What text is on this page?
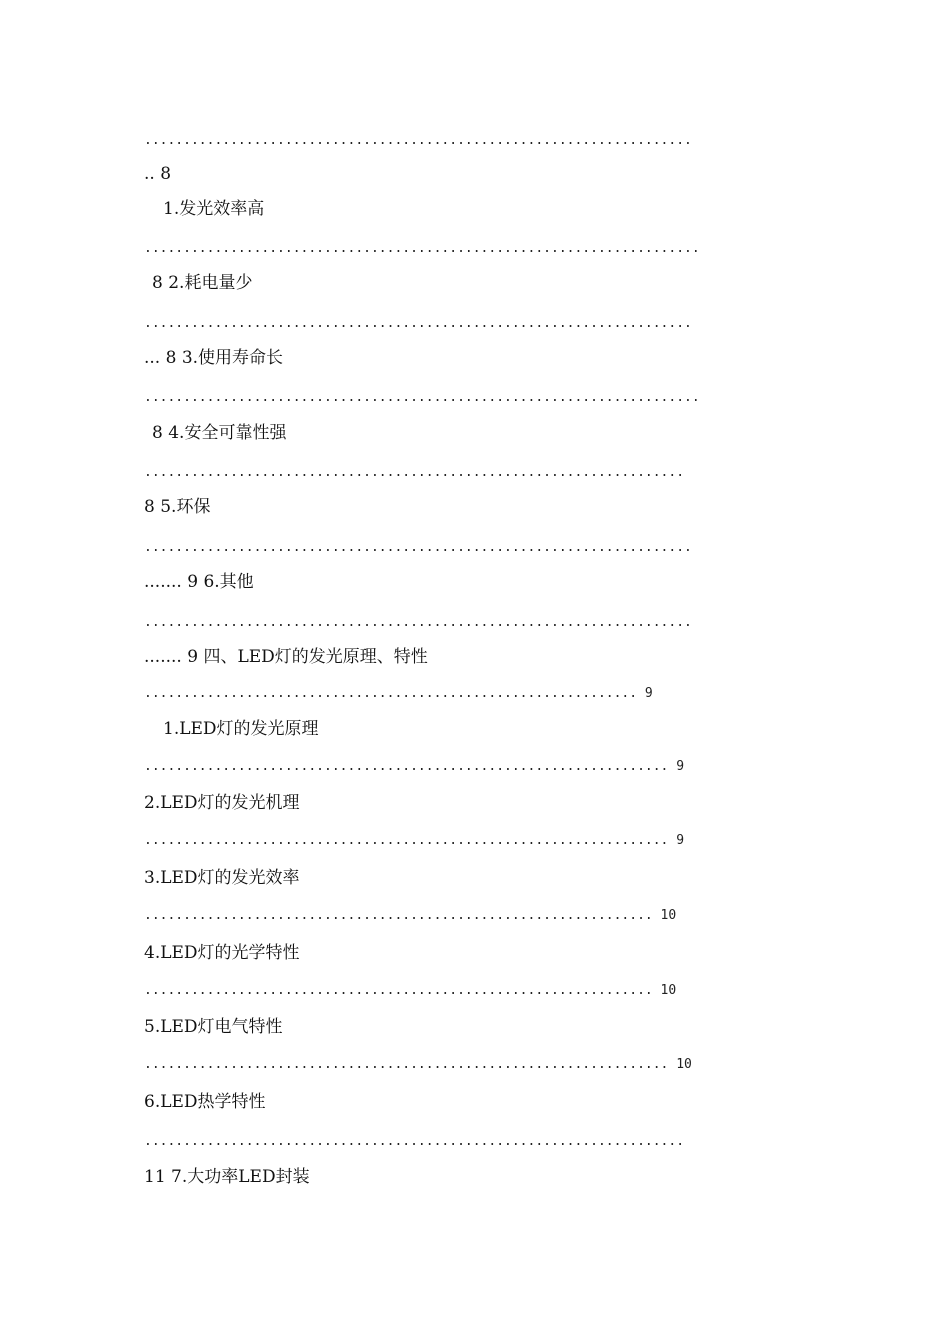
......................................................................
.. 8
1.发光效率高
.......................................................................
8 2.耗电量少
......................................................................
... 8 3.使用寿命长
.......................................................................
8 4.安全可靠性强
.....................................................................
8 5.环保
......................................................................
....... 9 6.其他
......................................................................
....... 9 四、LED灯的发光原理、特性
............................................................... 9
1.LED灯的发光原理
................................................................... 9
2.LED灯的发光机理
................................................................... 9
3.LED灯的发光效率
................................................................. 10
4.LED灯的光学特性
................................................................. 10
5.LED灯电气特性
................................................................... 10
6.LED热学特性
.....................................................................
11 7.大功率LED封装
